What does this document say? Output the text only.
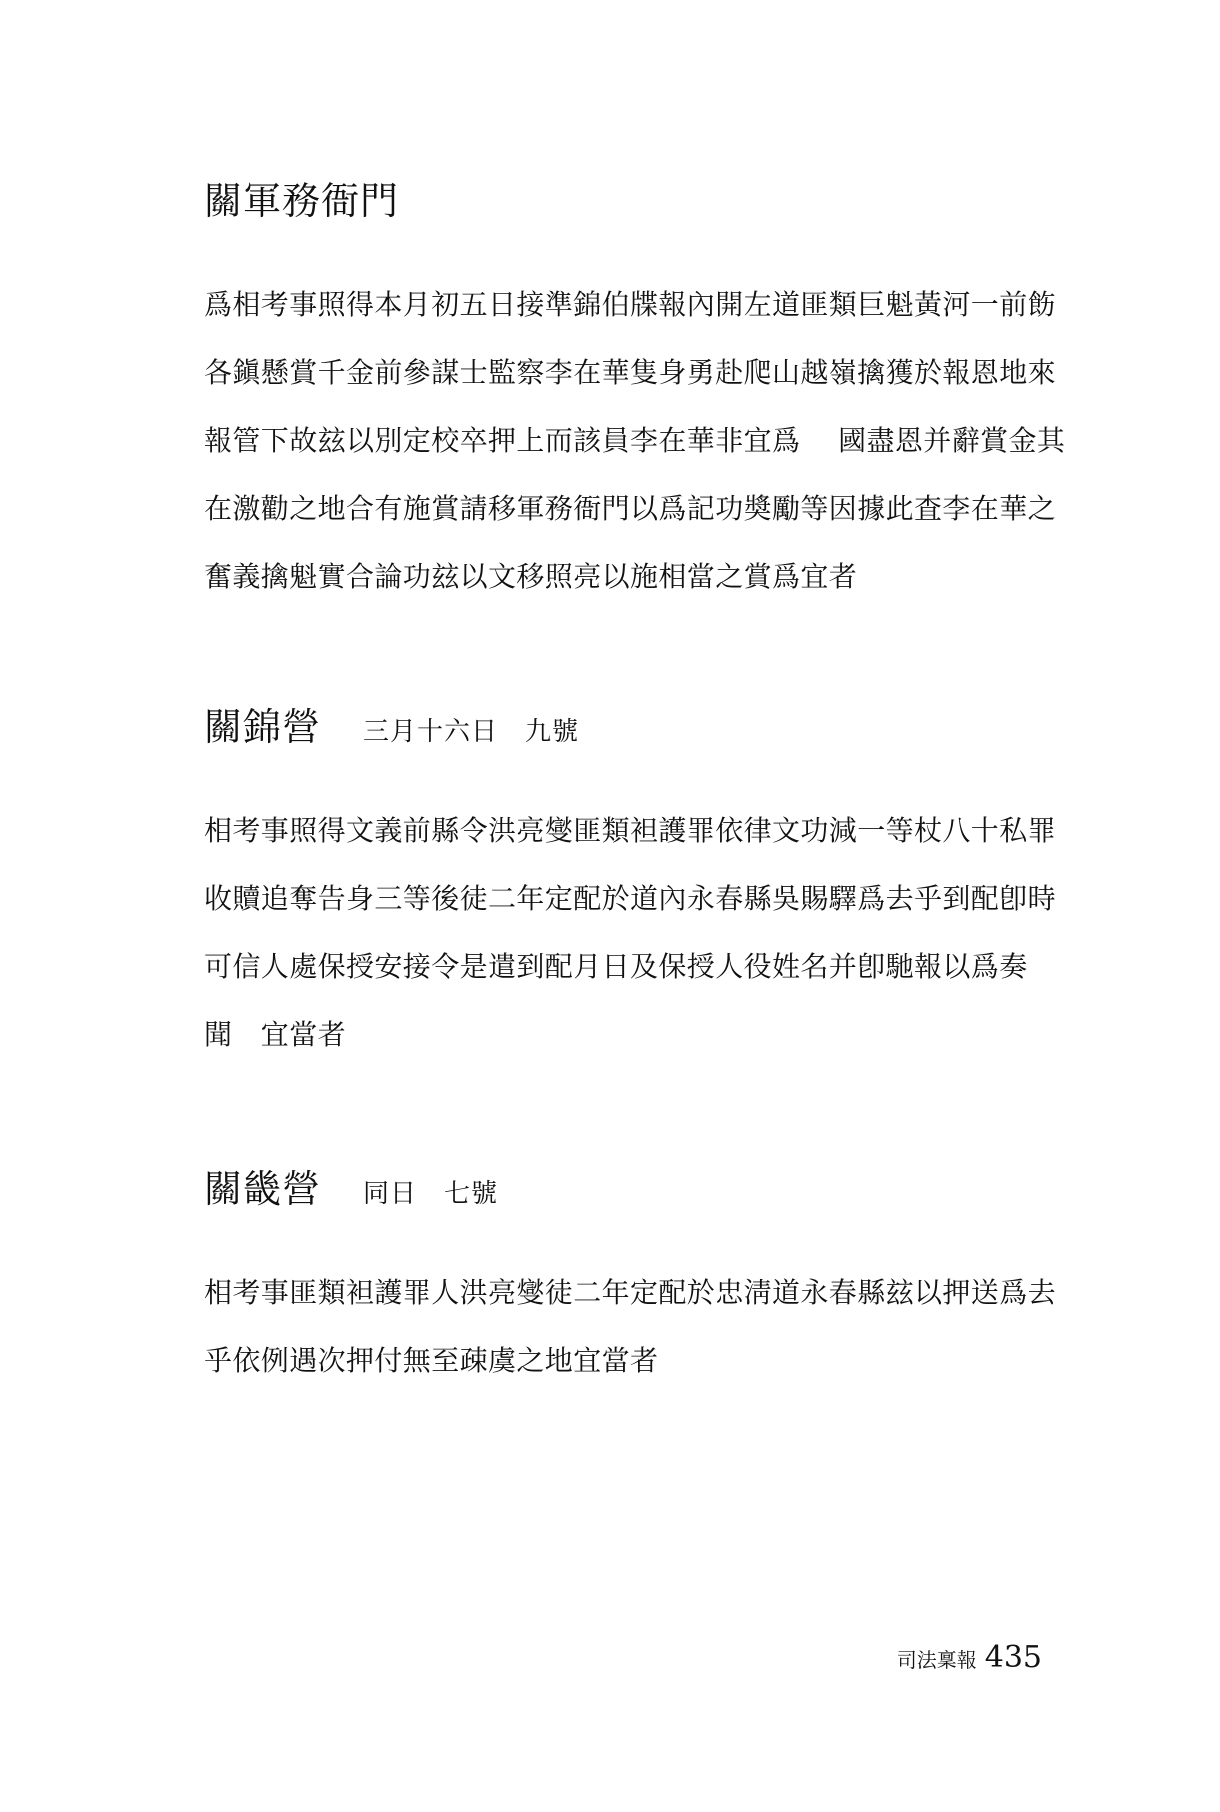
關軍務衙門
爲相考事照得本月初五日接準錦伯牒報內開左道匪類巨魁黃河一前飭
各鎭懸賞千金前參謀士監察李在華隻身勇赴爬山越嶺擒獲於報恩地來
報管下故玆以別定校卒押上而該員李在華非宜爲　 國盡恩并辭賞金其
在激勸之地合有施賞請移軍務衙門以爲記功奬勵等因據此査李在華之
奮義擒魁實合論功玆以文移照亮以施相當之賞爲宜者
關錦營 三月十六日　九號
相考事照得文義前縣令洪亮燮匪類袒護罪依律文功減一等杖八十私罪
收贖追奪告身三等後徒二年定配於道內永春縣吳賜驛爲去乎到配卽時
可信人處保授安接令是遣到配月日及保授人役姓名并卽馳報以爲奏
聞　宜當者
關畿營 同日　七號
相考事匪類袒護罪人洪亮燮徒二年定配於忠淸道永春縣玆以押送爲去
乎依例遇次押付無至疎虞之地宜當者
司法稟報 435
